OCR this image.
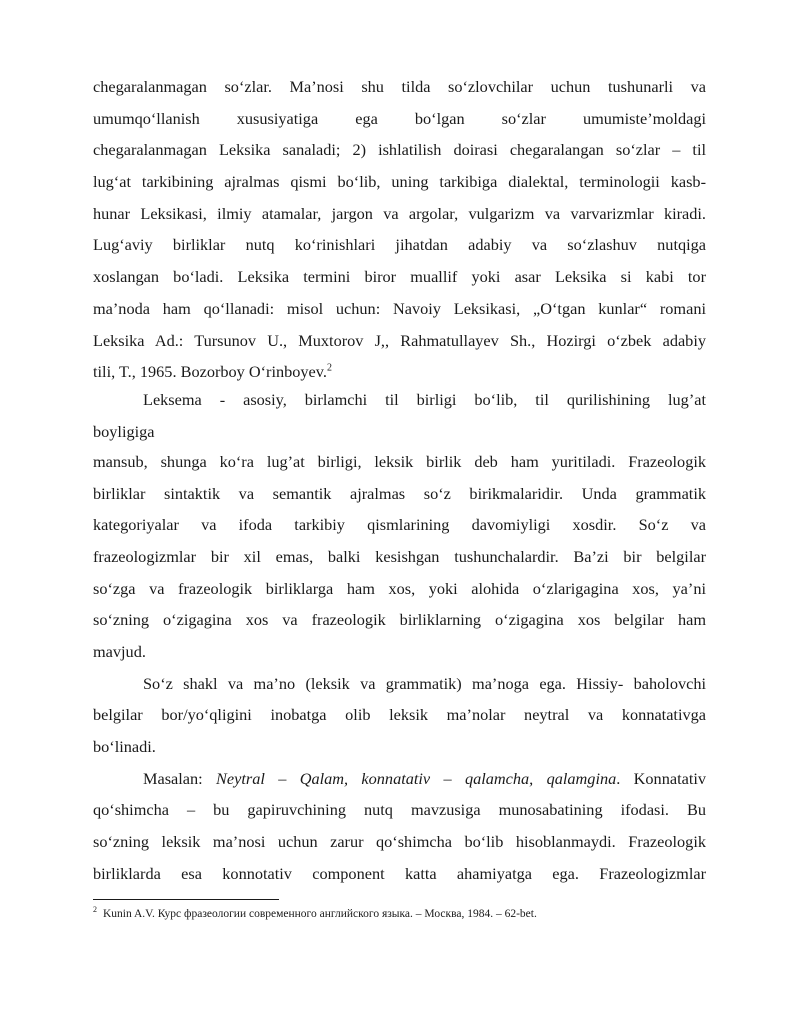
chegaralanmagan so‘zlar. Ma’nosi shu tilda so‘zlovchilar uchun tushunarli va
umumqo‘llanish xususiyatiga ega bo‘lgan so‘zlar umumiste’moldagi
chegaralanmagan Leksika sanaladi; 2) ishlatilish doirasi chegaralangan so‘zlar – til
lug‘at tarkibining ajralmas qismi bo‘lib, uning tarkibiga dialektal, terminologii kasb-
hunar Leksikasi, ilmiy atamalar, jargon va argolar, vulgarizm va varvarizmlar kiradi.
Lug‘aviy birliklar nutq ko‘rinishlari jihatdan adabiy va so‘zlashuv nutqiga
xoslangan bo‘ladi. Leksika termini biror muallif yoki asar Leksika si kabi tor
ma’noda ham qo‘llanadi: misol uchun: Navoiy Leksikasi, „O‘tgan kunlar“ romani
Leksika Ad.: Tursunov U., Muxtorov J,, Rahmatullayev Sh., Hozirgi o‘zbek adabiy
tili, T., 1965. Bozorboy O‘rinboyev.$^2$
Leksema - asosiy, birlamchi til birligi bo‘lib, til qurilishining lug’at
boyligiga
mansub, shunga ko‘ra lug’at birligi, leksik birlik deb ham yuritiladi. Frazeologik
birliklar sintaktik va semantik ajralmas so‘z birikmalaridir. Unda grammatik
kategoriyalar va ifoda tarkibiy qismlarining davomiyligi xosdir. So‘z va
frazeologizmlar bir xil emas, balki kesishgan tushunchalardir. Ba’zi bir belgilar
so‘zga va frazeologik birliklarga ham xos, yoki alohida o‘zlarigagina xos, ya’ni
so‘zning o‘zigagina xos va frazeologik birliklarning o‘zigagina xos belgilar ham
mavjud.
So‘z shakl va ma’no (leksik va grammatik) ma’noga ega. Hissiy- baholovchi
belgilar bor/yo‘qligini inobatga olib leksik ma’nolar neytral va konnatativga
bo‘linadi.
Masalan: Neytral – Qalam, konnatativ – qalamcha, qalamgina. Konnatativ
qo‘shimcha – bu gapiruvchining nutq mavzusiga munosabatining ifodasi. Bu
so‘zning leksik ma’nosi uchun zarur qo‘shimcha bo‘lib hisoblanmaydi. Frazeologik
birliklarda esa konnotativ component katta ahamiyatga ega. Frazeologizmlar
$^2$ Kunin A.V. Курс фразеологии современного английского языка. – Москва, 1984. – 62-bet.
